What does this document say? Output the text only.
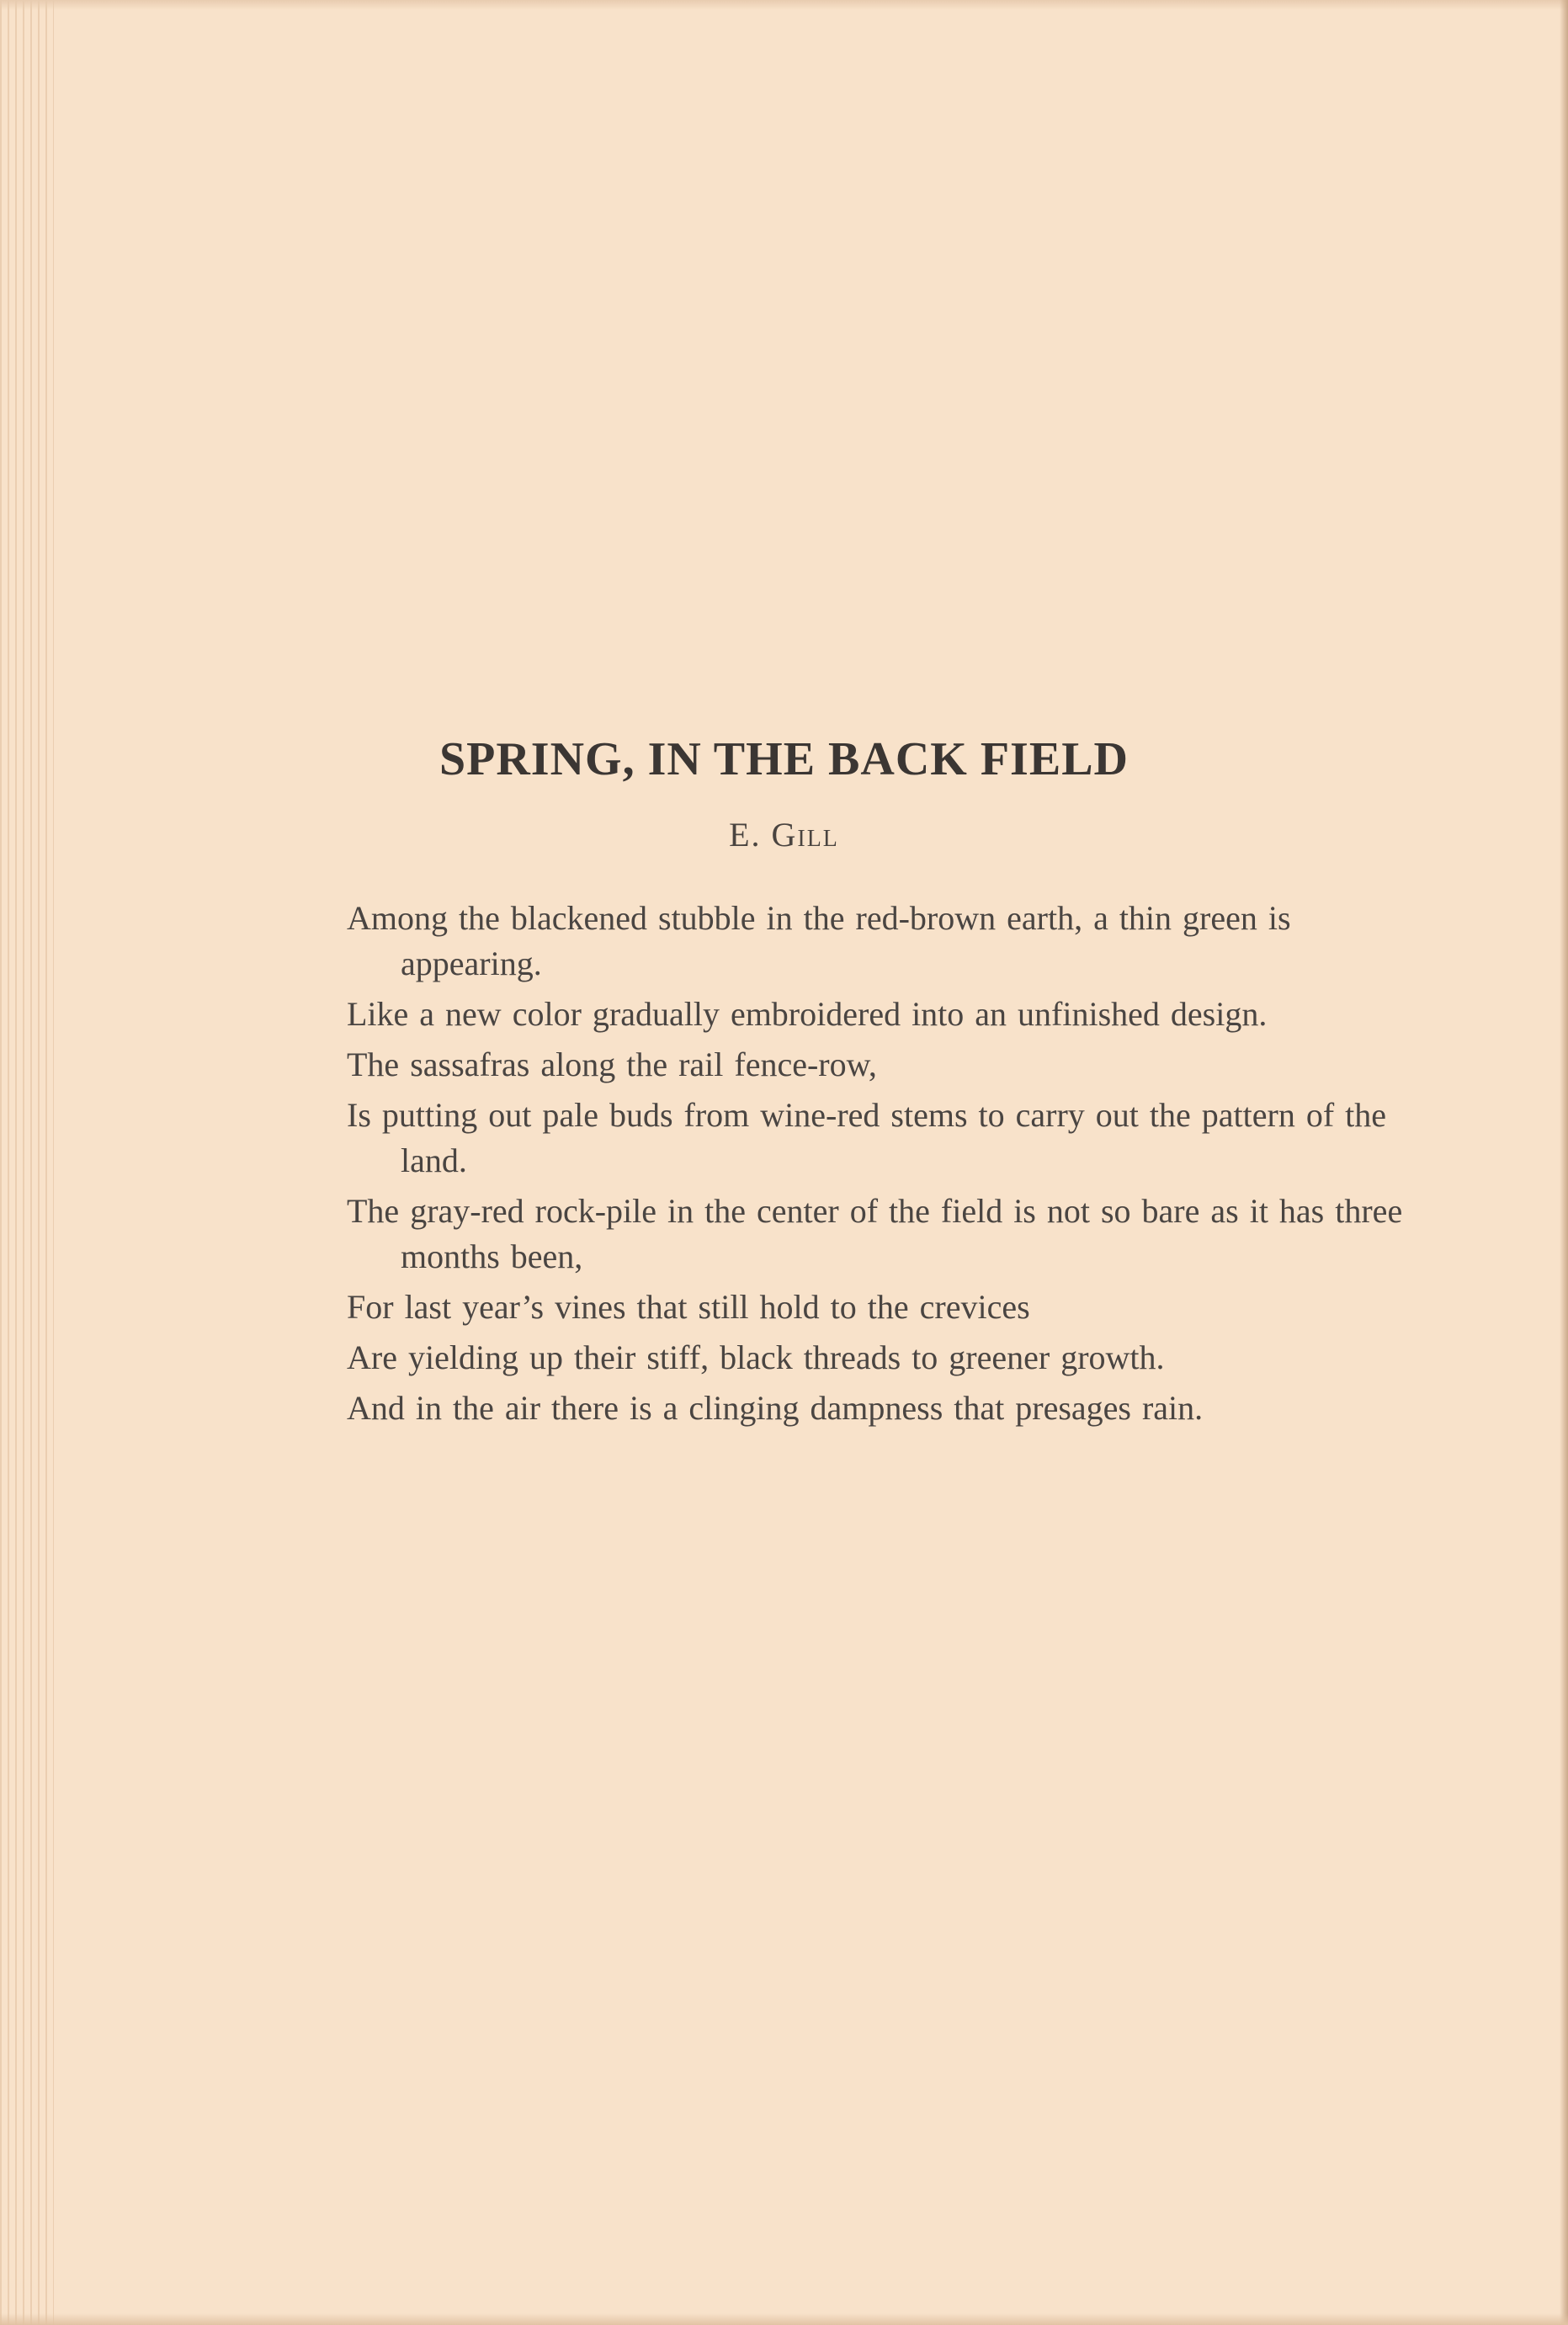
SPRING, IN THE BACK FIELD
E. Gill
Among the blackened stubble in the red-brown earth, a thin green is appearing.
Like a new color gradually embroidered into an unfinished design.
The sassafras along the rail fence-row,
Is putting out pale buds from wine-red stems to carry out the pattern of the land.
The gray-red rock-pile in the center of the field is not so bare as it has three months been,
For last year’s vines that still hold to the crevices
Are yielding up their stiff, black threads to greener growth.
And in the air there is a clinging dampness that presages rain.
